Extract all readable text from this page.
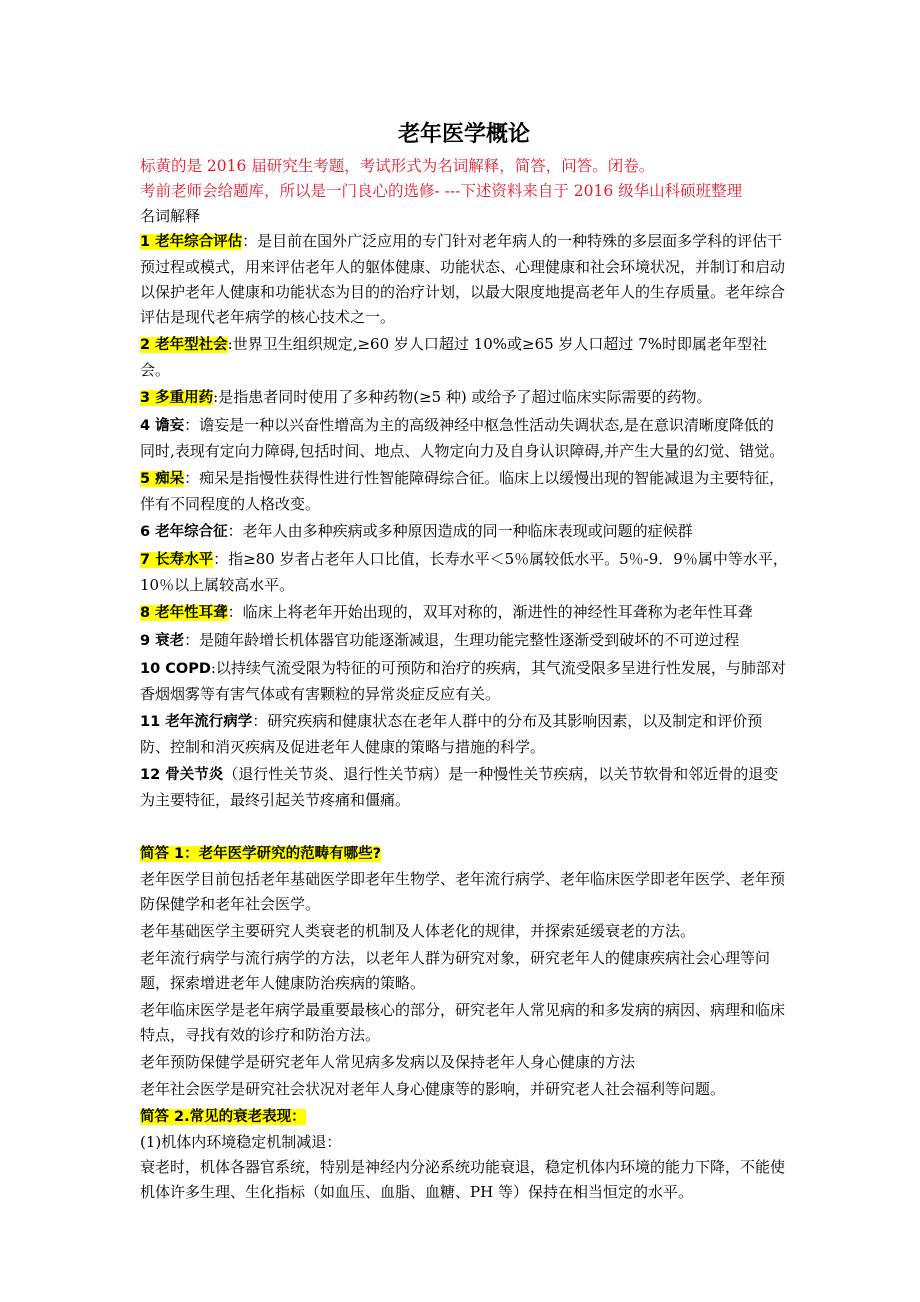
老年医学概论
标黄的是 2016 届研究生考题，考试形式为名词解释，简答，问答。闭卷。
考前老师会给题库，所以是一门良心的选修- ---下述资料来自于 2016 级华山科硕班整理

名词解释

1 老年综合评估：是目前在国外广泛应用的专门针对老年病人的一种特殊的多层面多学科的评估干预过程或模式，用来评估老年人的躯体健康、功能状态、心理健康和社会环境状况，并制订和启动以保护老年人健康和功能状态为目的的治疗计划，以最大限度地提高老年人的生存质量。老年综合评估是现代老年病学的核心技术之一。

2 老年型社会:世界卫生组织规定,≥60 岁人口超过 10%或≥65 岁人口超过 7%时即属老年型社会。

3 多重用药:是指患者同时使用了多种药物(≥5 种) 或给予了超过临床实际需要的药物。

4 谵妄：谵妄是一种以兴奋性增高为主的高级神经中枢急性活动失调状态,是在意识清晰度降低的同时,表现有定向力障碍,包括时间、地点、人物定向力及自身认识障碍,并产生大量的幻觉、错觉。

5 痴呆：痴呆是指慢性获得性进行性智能障碍综合征。临床上以缓慢出现的智能减退为主要特征，伴有不同程度的人格改变。

6 老年综合征：老年人由多种疾病或多种原因造成的同一种临床表现或问题的症候群

7 长寿水平：指≥80 岁者占老年人口比值，长寿水平＜5％属较低水平。5％-9．9％属中等水平，10％以上属较高水平。

8 老年性耳聋：临床上将老年开始出现的，双耳对称的，渐进性的神经性耳聋称为老年性耳聋

9 衰老：是随年龄增长机体器官功能逐渐减退，生理功能完整性逐渐受到破坏的不可逆过程

10 COPD:以持续气流受限为特征的可预防和治疗的疾病，其气流受限多呈进行性发展，与肺部对香烟烟雾等有害气体或有害颗粒的异常炎症反应有关。

11 老年流行病学：研究疾病和健康状态在老年人群中的分布及其影响因素，以及制定和评价预防、控制和消灭疾病及促进老年人健康的策略与措施的科学。

12 骨关节炎（退行性关节炎、退行性关节病）是一种慢性关节疾病，以关节软骨和邻近骨的退变为主要特征，最终引起关节疼痛和僵痛。

简答 1：老年医学研究的范畴有哪些?

老年医学目前包括老年基础医学即老年生物学、老年流行病学、老年临床医学即老年医学、老年预防保健学和老年社会医学。

老年基础医学主要研究人类衰老的机制及人体老化的规律，并探索延缓衰老的方法。

老年流行病学与流行病学的方法，以老年人群为研究对象，研究老年人的健康疾病社会心理等问题，探索增进老年人健康防治疾病的策略。

老年临床医学是老年病学最重要最核心的部分，研究老年人常见病的和多发病的病因、病理和临床特点，寻找有效的诊疗和防治方法。

老年预防保健学是研究老年人常见病多发病以及保持老年人身心健康的方法

老年社会医学是研究社会状况对老年人身心健康等的影响，并研究老人社会福利等问题。

简答 2.常见的衰老表现：

(1)机体内环境稳定机制减退：

衰老时，机体各器官系统，特别是神经内分泌系统功能衰退，稳定机体内环境的能力下降，不能使机体许多生理、生化指标（如血压、血脂、血糖、PH 等）保持在相当恒定的水平。
